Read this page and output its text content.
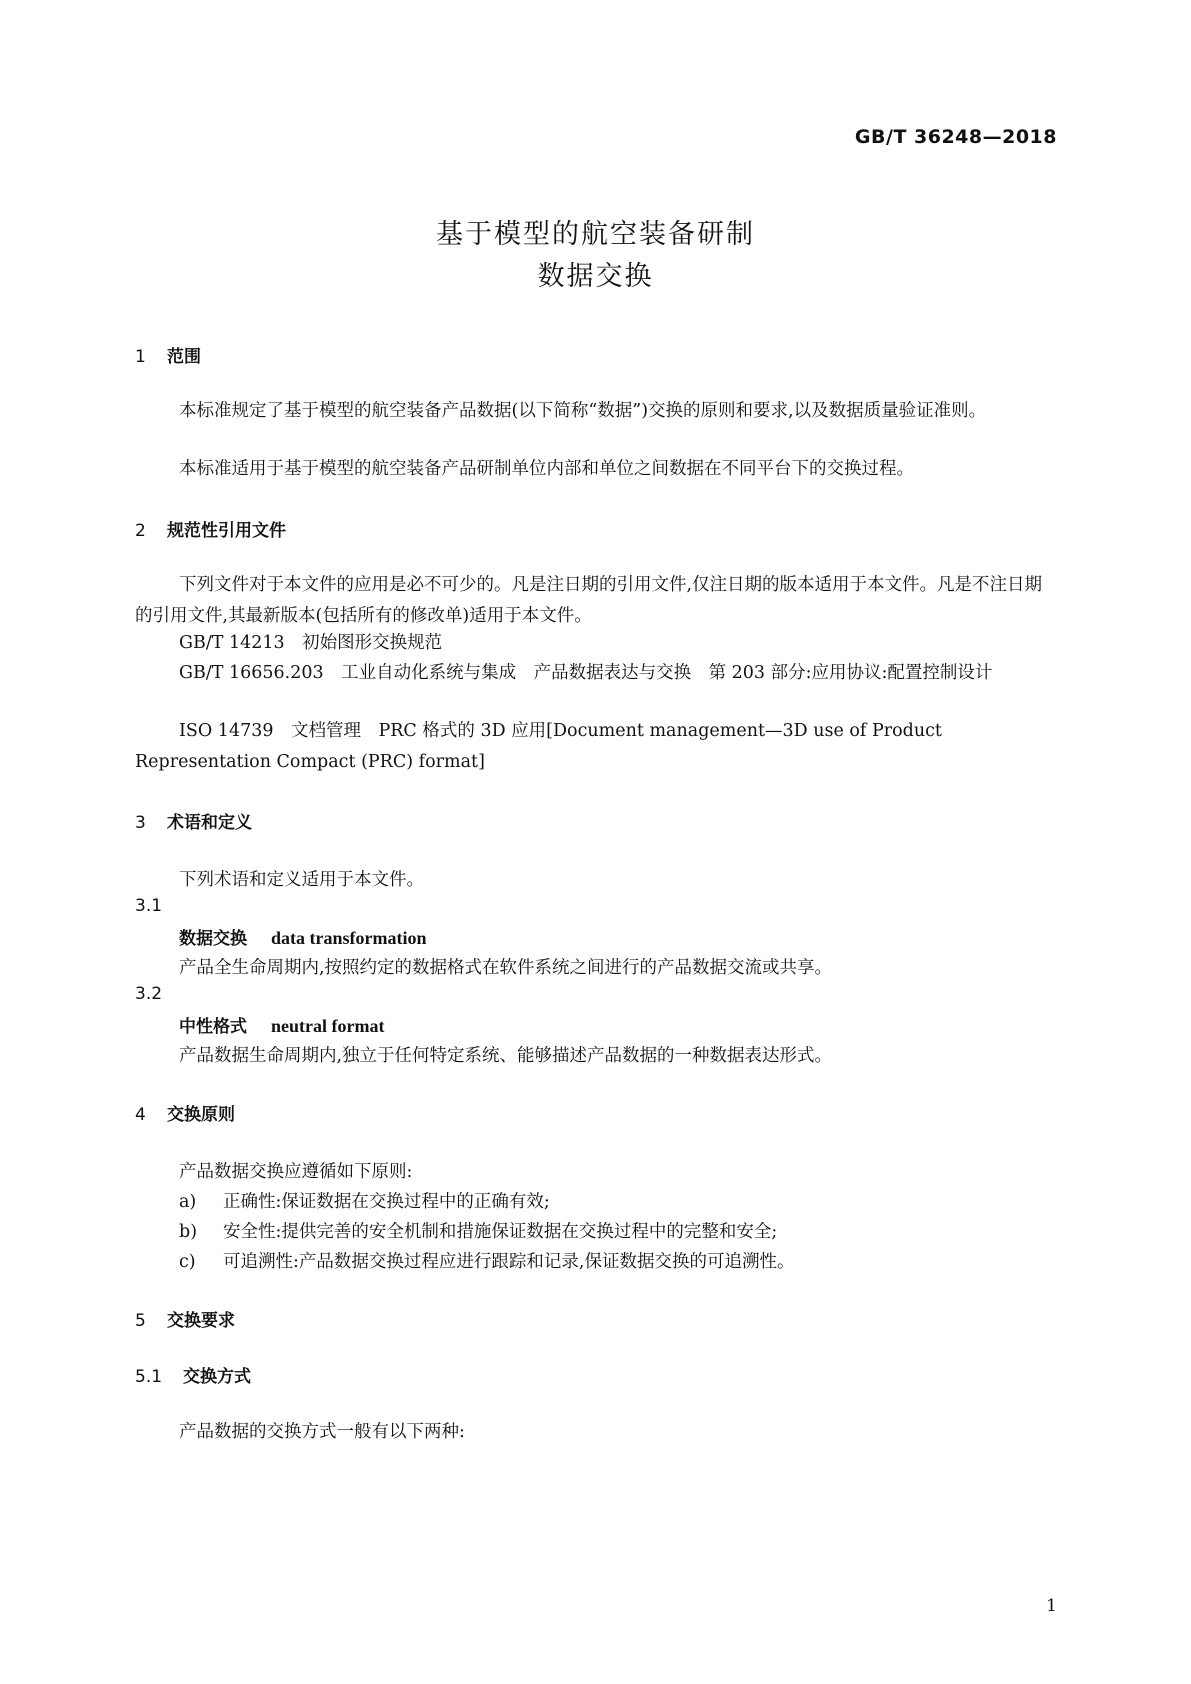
GB/T 36248—2018
基于模型的航空装备研制
数据交换
1 范围
本标准规定了基于模型的航空装备产品数据(以下简称“数据”)交换的原则和要求,以及数据质量验证准则。
本标准适用于基于模型的航空装备产品研制单位内部和单位之间数据在不同平台下的交换过程。
2 规范性引用文件
下列文件对于本文件的应用是必不可少的。凡是注日期的引用文件,仅注日期的版本适用于本文件。凡是不注日期的引用文件,其最新版本(包括所有的修改单)适用于本文件。
GB/T 14213　初始图形交换规范
GB/T 16656.203　工业自动化系统与集成　产品数据表达与交换　第 203 部分:应用协议:配置控制设计
ISO 14739　文档管理　PRC 格式的 3D 应用[Document management—3D use of Product Representation Compact (PRC) format]
3 术语和定义
下列术语和定义适用于本文件。
3.1
数据交换 data transformation
产品全生命周期内,按照约定的数据格式在软件系统之间进行的产品数据交流或共享。
3.2
中性格式 neutral format
产品数据生命周期内,独立于任何特定系统、能够描述产品数据的一种数据表达形式。
4 交换原则
产品数据交换应遵循如下原则:
a) 正确性:保证数据在交换过程中的正确有效;
b) 安全性:提供完善的安全机制和措施保证数据在交换过程中的完整和安全;
c) 可追溯性:产品数据交换过程应进行跟踪和记录,保证数据交换的可追溯性。
5 交换要求
5.1 交换方式
产品数据的交换方式一般有以下两种:
1
